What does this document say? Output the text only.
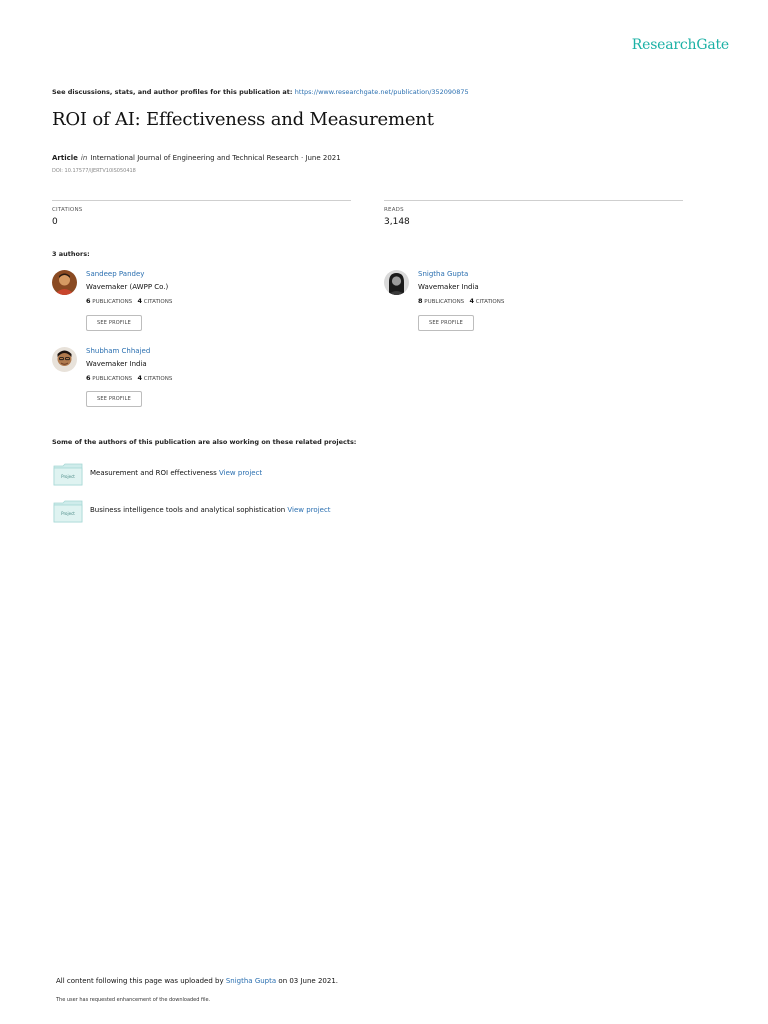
ResearchGate
See discussions, stats, and author profiles for this publication at: https://www.researchgate.net/publication/352090875
ROI of AI: Effectiveness and Measurement
Article in International Journal of Engineering and Technical Research · June 2021
DOI: 10.17577/IJERTV10IS050418
CITATIONS
0
READS
3,148
3 authors:
Sandeep Pandey
Wavemaker (AWPP Co.)
6 PUBLICATIONS 4 CITATIONS
SEE PROFILE
Snigtha Gupta
Wavemaker India
8 PUBLICATIONS 4 CITATIONS
SEE PROFILE
Shubham Chhajed
Wavemaker India
6 PUBLICATIONS 4 CITATIONS
SEE PROFILE
Some of the authors of this publication are also working on these related projects:
Project Measurement and ROI effectiveness View project
Project Business intelligence tools and analytical sophistication View project
All content following this page was uploaded by Snigtha Gupta on 03 June 2021.
The user has requested enhancement of the downloaded file.
